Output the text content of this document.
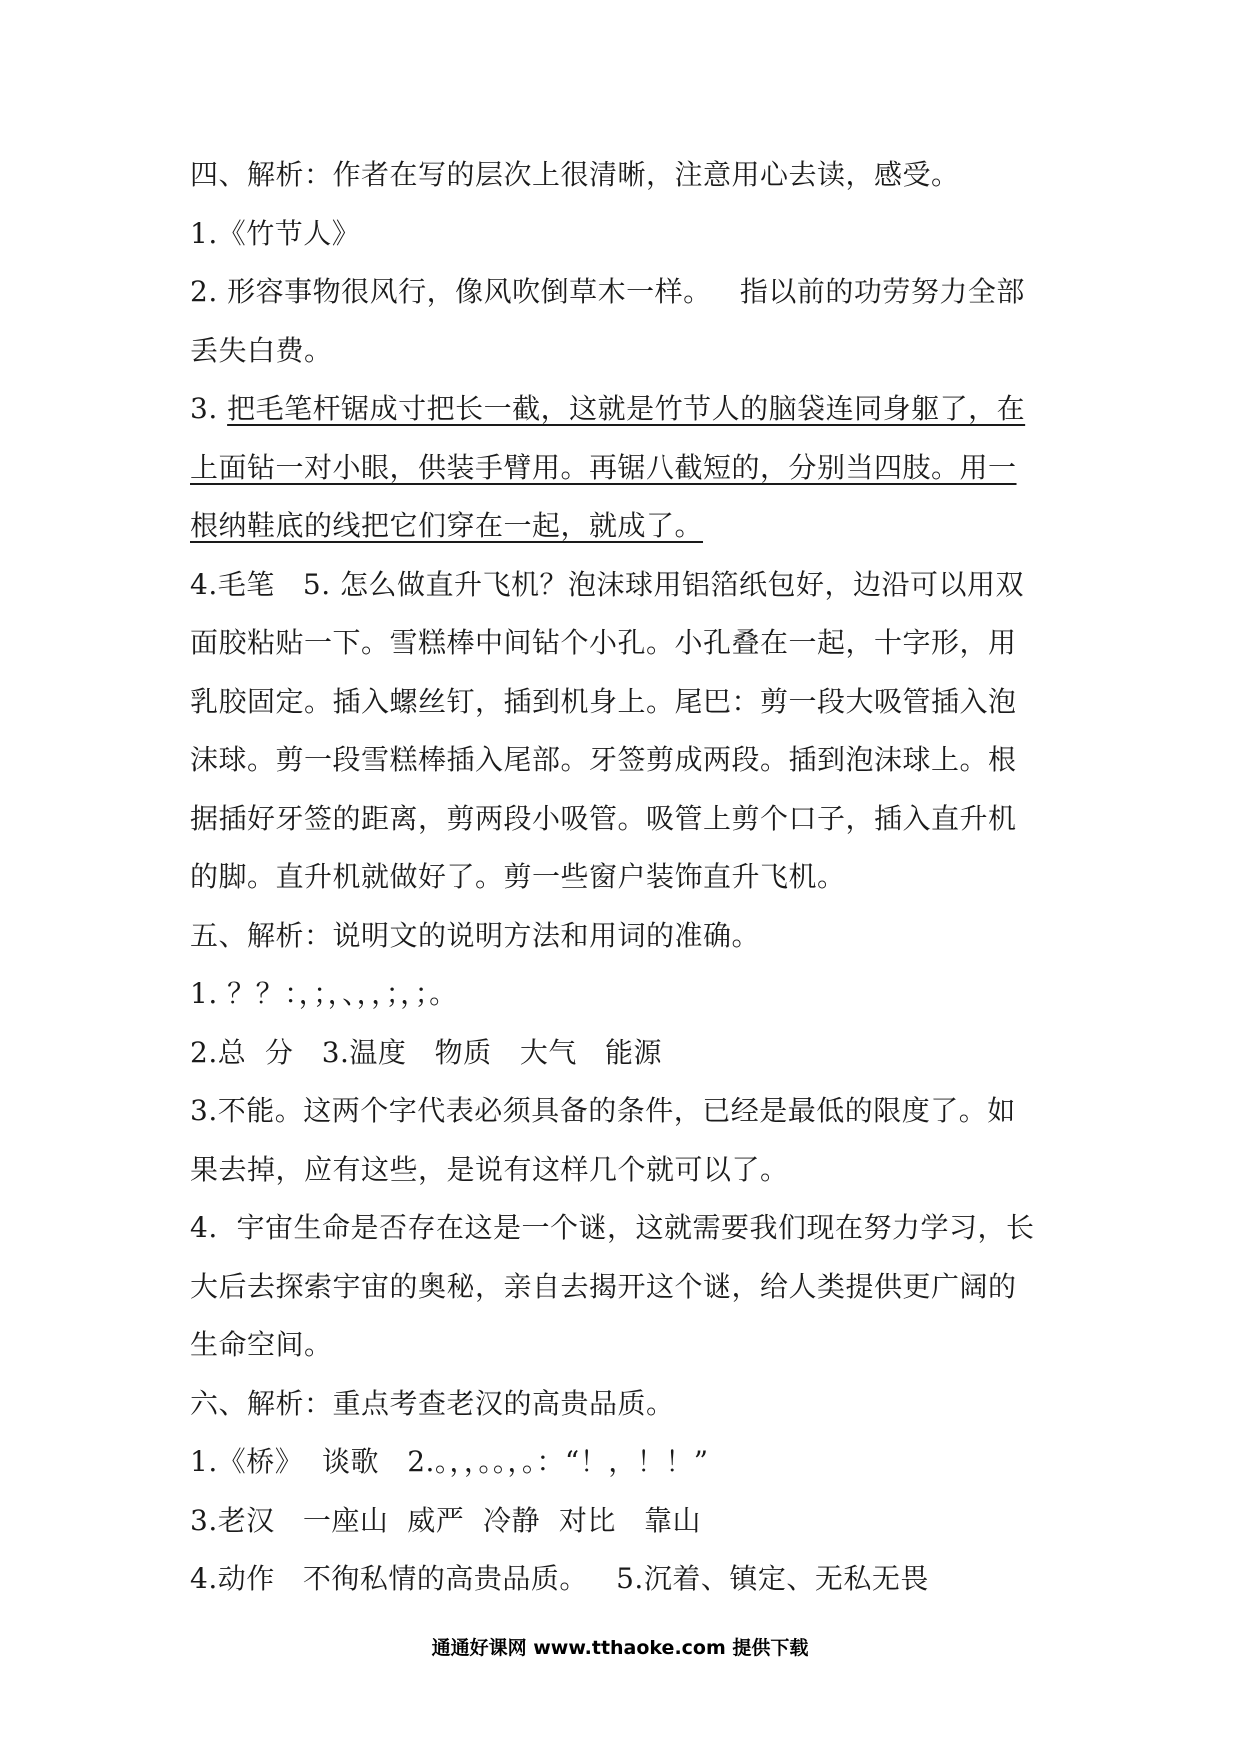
四、解析：作者在写的层次上很清晰，注意用心去读，感受。
1.《竹节人》
2. 形容事物很风行，像风吹倒草木一样。   指以前的功劳努力全部
丢失白费。
3. 把毛笔杆锯成寸把长一截，这就是竹节人的脑袋连同身躯了，在
上面钻一对小眼，供装手臂用。再锯八截短的，分别当四肢。用一
根纳鞋底的线把它们穿在一起，就成了。
4.毛笔   5. 怎么做直升飞机？泡沫球用铝箔纸包好，边沿可以用双
面胶粘贴一下。雪糕棒中间钻个小孔。小孔叠在一起，十字形，用
乳胶固定。插入螺丝钉，插到机身上。尾巴：剪一段大吸管插入泡
沫球。剪一段雪糕棒插入尾部。牙签剪成两段。插到泡沫球上。根
据插好牙签的距离，剪两段小吸管。吸管上剪个口子，插入直升机
的脚。直升机就做好了。剪一些窗户装饰直升飞机。
五、解析：说明文的说明方法和用词的准确。
1. ？？：，；，、，，；，；。
2.总  分   3.温度   物质   大气   能源
3.不能。这两个字代表必须具备的条件，已经是最低的限度了。如
果去掉，应有这些，是说有这样几个就可以了。
4.  宇宙生命是否存在这是一个谜，这就需要我们现在努力学习，长
大后去探索宇宙的奥秘，亲自去揭开这个谜，给人类提供更广阔的
生命空间。
六、解析：重点考查老汉的高贵品质。
1.《桥》  谈歌   2.。，，。。，。：“！，！！”
3.老汉   一座山  威严  冷静  对比   靠山
4.动作   不徇私情的高贵品质。   5.沉着、镇定、无私无畏
通通好课网 www.tthaoke.com 提供下载
